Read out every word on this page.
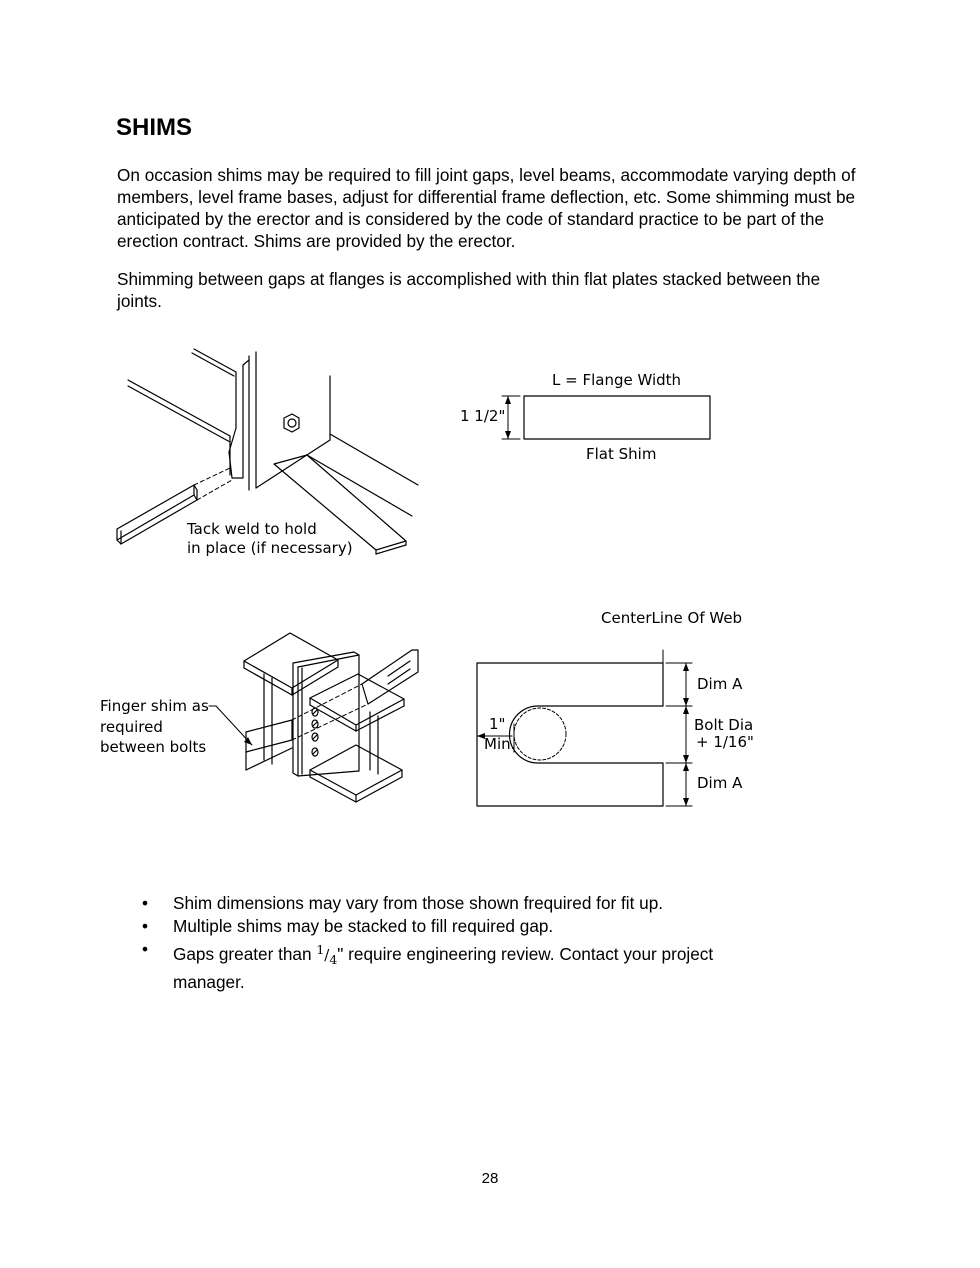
SHIMS

On occasion shims may be required to fill joint gaps, level beams, accommodate varying depth of members, level frame bases, adjust for differential frame deflection, etc. Some shimming must be anticipated by the erector and is considered by the code of standard practice to be part of the erection contract. Shims are provided by the erector.

Shimming between gaps at flanges is accomplished with thin flat plates stacked between the joints.

Tack weld to hold
in place (if necessary)
L = Flange Width
1 1/2"
Flat Shim
CenterLine Of Web
Finger shim as
required
between bolts
1"
Min.
Dim A
Bolt Dia
+ 1/16"
Dim A
• Shim dimensions may vary from those shown frequired for fit up.
• Multiple shims may be stacked to fill required gap.
• Gaps greater than $^1/_4$" require engineering review. Contact your project manager.
28
